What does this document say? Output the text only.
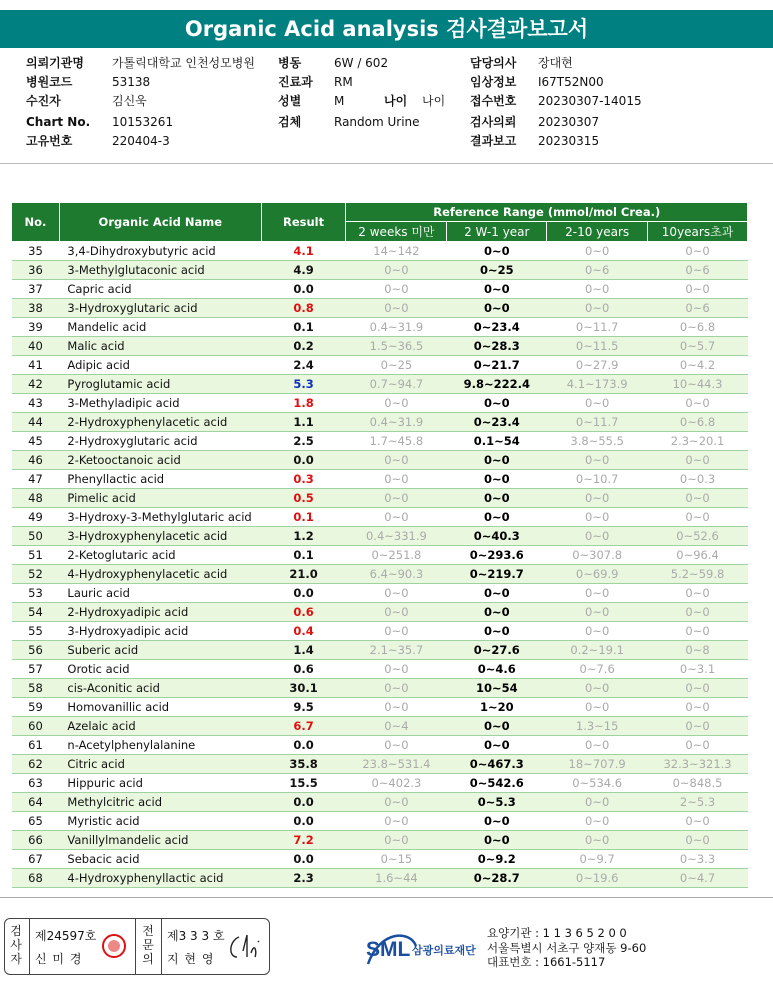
Organic Acid analysis 검사결과보고서
의뢰기관명 가톨릭대학교 인천성모병원
병원코드	53138
수진자	김신욱
Chart No. 10153261
고유번호	220404-3
병동	6W / 602
진료과 RM
성별	M
검체	Random Urine
나이 나이
담당의사 장대현
임상정보 I67T52N00
접수번호 20230307-14015
검사의뢰 20230307
결과보고 20230315
No.	Organic Acid Name	Result	Reference Range (mmol/mol Crea.)			
			2 weeks 미만	2 W-1 year	2-10 years	10years초과
35	3,4-Dihydroxybutyric acid	4.1	14~142	0~0	0~0	0~0
36	3-Methylglutaconic acid	4.9	0~0	0~25	0~6	0~6
37	Capric acid	0.0	0~0	0~0	0~0	0~0
38	3-Hydroxyglutaric acid	0.8	0~0	0~0	0~0	0~6
39	Mandelic acid	0.1	0.4~31.9	0~23.4	0~11.7	0~6.8
40	Malic acid	0.2	1.5~36.5	0~28.3	0~11.5	0~5.7
41	Adipic acid	2.4	0~25	0~21.7	0~27.9	0~4.2
42	Pyroglutamic acid	5.3	0.7~94.7	9.8~222.4	4.1~173.9	10~44.3
43	3-Methyladipic acid	1.8	0~0	0~0	0~0	0~0
44	2-Hydroxyphenylacetic acid	1.1	0.4~31.9	0~23.4	0~11.7	0~6.8
45	2-Hydroxyglutaric acid	2.5	1.7~45.8	0.1~54	3.8~55.5	2.3~20.1
46	2-Ketooctanoic acid	0.0	0~0	0~0	0~0	0~0
47	Phenyllactic acid	0.3	0~0	0~0	0~10.7	0~0.3
48	Pimelic acid	0.5	0~0	0~0	0~0	0~0
49	3-Hydroxy-3-Methylglutaric acid	0.1	0~0	0~0	0~0	0~0
50	3-Hydroxyphenylacetic acid	1.2	0.4~331.9	0~40.3	0~0	0~52.6
51	2-Ketoglutaric acid	0.1	0~251.8	0~293.6	0~307.8	0~96.4
52	4-Hydroxyphenylacetic acid	21.0	6.4~90.3	0~219.7	0~69.9	5.2~59.8
53	Lauric acid	0.0	0~0	0~0	0~0	0~0
54	2-Hydroxyadipic acid	0.6	0~0	0~0	0~0	0~0
55	3-Hydroxyadipic acid	0.4	0~0	0~0	0~0	0~0
56	Suberic acid	1.4	2.1~35.7	0~27.6	0.2~19.1	0~8
57	Orotic acid	0.6	0~0	0~4.6	0~7.6	0~3.1
58	cis-Aconitic acid	30.1	0~0	10~54	0~0	0~0
59	Homovanillic acid	9.5	0~0	1~20	0~0	0~0
60	Azelaic acid	6.7	0~4	0~0	1.3~15	0~0
61	n-Acetylphenylalanine	0.0	0~0	0~0	0~0	0~0
62	Citric acid	35.8	23.8~531.4	0~467.3	18~707.9	32.3~321.3
63	Hippuric acid	15.5	0~402.3	0~542.6	0~534.6	0~848.5
64	Methylcitric acid	0.0	0~0	0~5.3	0~0	2~5.3
65	Myristic acid	0.0	0~0	0~0	0~0	0~0
66	Vanillylmandelic acid	7.2	0~0	0~0	0~0	0~0
67	Sebacic acid	0.0	0~15	0~9.2	0~9.7	0~3.3
68	4-Hydroxyphenyllactic acid	2.3	1.6~44	0~28.7	0~19.6	0~4.7
검사자
제24597호
신 미 경
전문의
제3 3 3 호
지 현 영	SML 삼광의료재단
요양기관 : 1 1 3 6 5 2 0 0
서울특별시 서초구 양재동 9-60
대표번호 : 1661-5117
